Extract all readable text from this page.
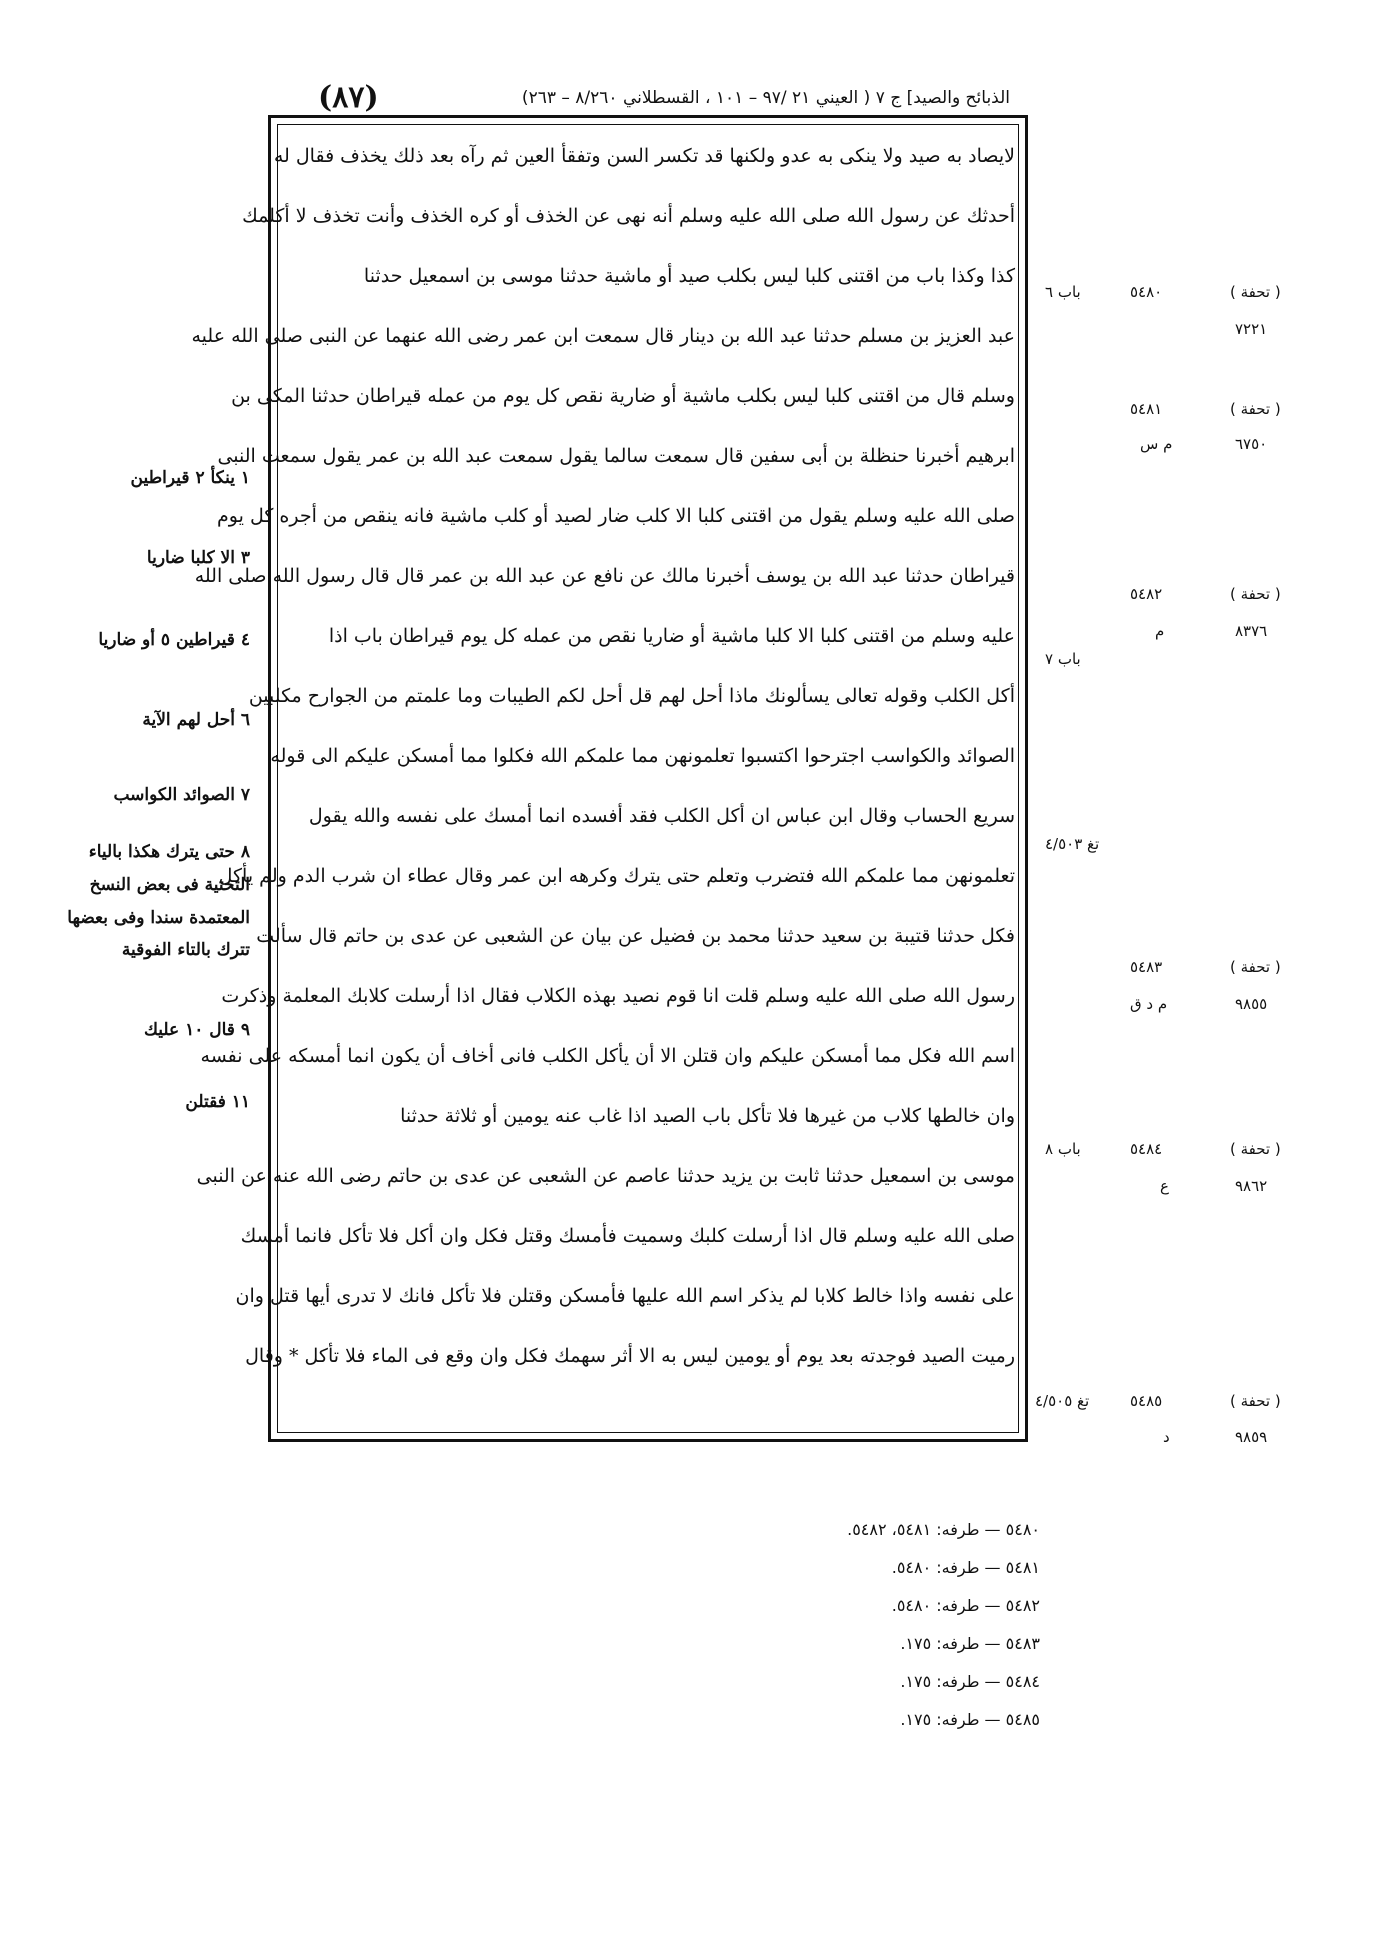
(٨٧)	الذبائح والصيد] ج ٧ ( العيني ٢١ /٩٧ – ١٠١ ، القسطلاني ٨/٢٦٠ – ٢٦٣)
لايصاد به صيد ولا ينكى به عدو ولكنها قد تكسر السن وتفقأ العين ثم رآه بعد ذلك يخذف فقال له
أحدثك عن رسول الله صلى الله عليه وسلم أنه نهى عن الخذف أو كره الخذف وأنت تخذف لا أكلمك
كذا وكذا باب من اقتنى كلبا ليس بكلب صيد أو ماشية حدثنا موسى بن اسمعيل حدثنا
عبد العزيز بن مسلم حدثنا عبد الله بن دينار قال سمعت ابن عمر رضى الله عنهما عن النبى صلى الله عليه
وسلم قال من اقتنى كلبا ليس بكلب ماشية أو ضارية نقص كل يوم من عمله قيراطان حدثنا المكى بن
ابرهيم أخبرنا حنظلة بن أبى سفين قال سمعت سالما يقول سمعت عبد الله بن عمر يقول سمعت النبى
صلى الله عليه وسلم يقول من اقتنى كلبا الا كلب ضار لصيد أو كلب ماشية فانه ينقص من أجره كل يوم
قيراطان حدثنا عبد الله بن يوسف أخبرنا مالك عن نافع عن عبد الله بن عمر قال قال رسول الله صلى الله
عليه وسلم من اقتنى كلبا الا كلبا ماشية أو ضاريا نقص من عمله كل يوم قيراطان باب اذا
أكل الكلب وقوله تعالى يسألونك ماذا أحل لهم قل أحل لكم الطيبات وما علمتم من الجوارح مكلبين
الصوائد والكواسب اجترحوا اكتسبوا تعلمونهن مما علمكم الله فكلوا مما أمسكن عليكم الى قوله
سريع الحساب وقال ابن عباس ان أكل الكلب فقد أفسده انما أمسك على نفسه والله يقول
تعلمونهن مما علمكم الله فتضرب وتعلم حتى يترك وكرهه ابن عمر وقال عطاء ان شرب الدم ولم يأكل
فكل حدثنا قتيبة بن سعيد حدثنا محمد بن فضيل عن بيان عن الشعبى عن عدى بن حاتم قال سألت
رسول الله صلى الله عليه وسلم قلت انا قوم نصيد بهذه الكلاب فقال اذا أرسلت كلابك المعلمة وذكرت
اسم الله فكل مما أمسكن عليكم وان قتلن الا أن يأكل الكلب فانى أخاف أن يكون انما أمسكه على نفسه
وان خالطها كلاب من غيرها فلا تأكل باب الصيد اذا غاب عنه يومين أو ثلاثة حدثنا
موسى بن اسمعيل حدثنا ثابت بن يزيد حدثنا عاصم عن الشعبى عن عدى بن حاتم رضى الله عنه عن النبى
صلى الله عليه وسلم قال اذا أرسلت كلبك وسميت فأمسك وقتل فكل وان أكل فلا تأكل فانما أمسك
على نفسه واذا خالط كلابا لم يذكر اسم الله عليها فأمسكن وقتلن فلا تأكل فانك لا تدرى أيها قتل وان
رميت الصيد فوجدته بعد يوم أو يومين ليس به الا أثر سهمك فكل وان وقع فى الماء فلا تأكل * وقال
( تحفة )
٥٤٨٠
باب ٦
٧٢٢١
( تحفة )
٥٤٨١
٦٧٥٠
م س
( تحفة )
٥٤٨٢
٨٣٧٦
م
باب ٧
تغ ٤/٥٠٣
( تحفة )
٥٤٨٣
٩٨٥٥
م د ق
( تحفة )
٥٤٨٤
باب ٨
٩٨٦٢
ع
( تحفة )
٥٤٨٥
تغ ٤/٥٠٥
٩٨٥٩
د
١ ينكأ ٢ قيراطين
٣ الا كلبا ضاريا
٤ قيراطين ٥ أو ضاريا
٦ أحل لهم الآية
٧ الصوائد الكواسب
٨ حتى يترك هكذا بالياء
التحتية فى بعض النسخ
المعتمدة سندا وفى بعضها
تترك بالتاء الفوقية
٩ قال ١٠ عليك
١١ فقتلن
٥٤٨٠ — طرفه: ٥٤٨١، ٥٤٨٢.
٥٤٨١ — طرفه: ٥٤٨٠.
٥٤٨٢ — طرفه: ٥٤٨٠.
٥٤٨٣ — طرفه: ١٧٥.
٥٤٨٤ — طرفه: ١٧٥.
٥٤٨٥ — طرفه: ١٧٥.
